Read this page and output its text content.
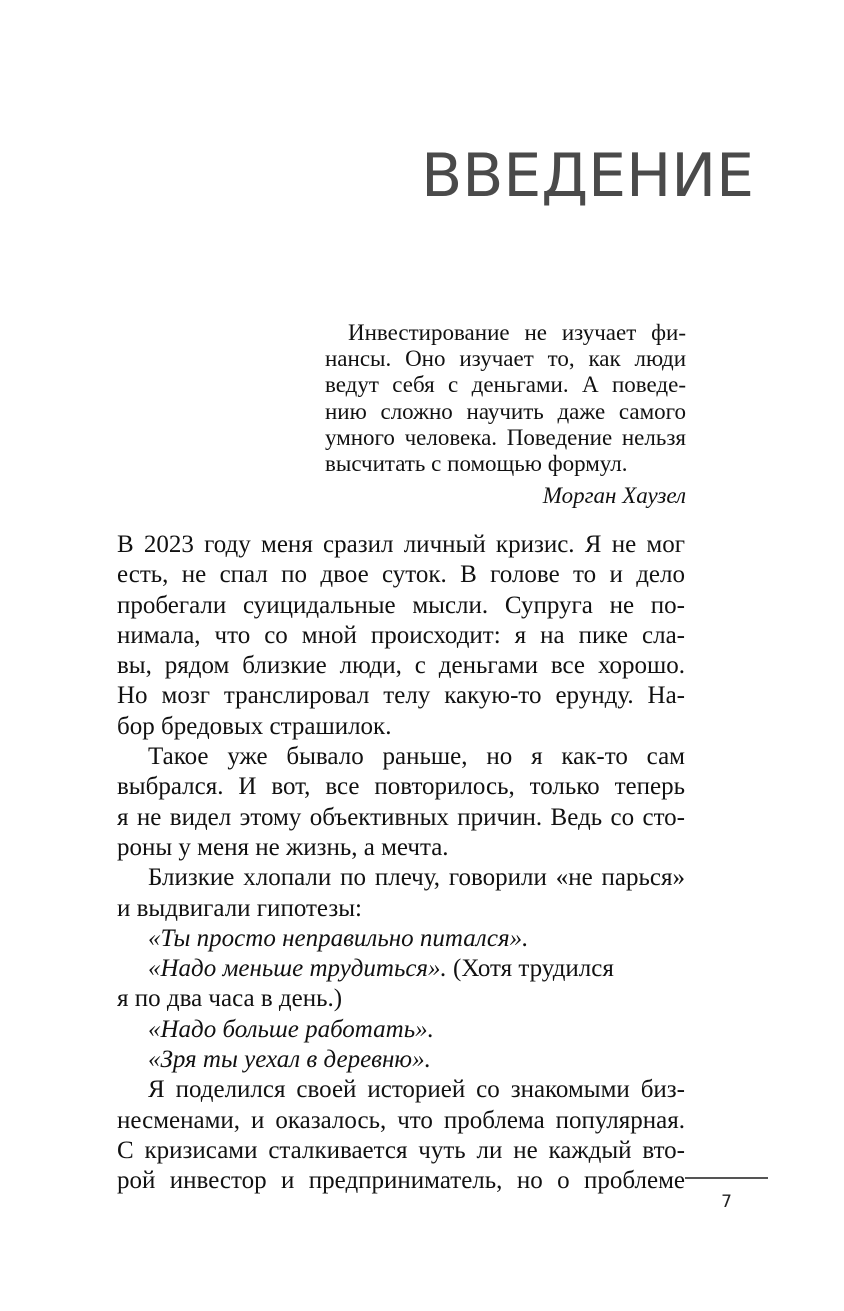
ВВЕДЕНИЕ
Инвестирование не изучает фи-
нансы. Оно изучает то, как люди
ведут себя с деньгами. А поведе-
нию сложно научить даже самого
умного человека. Поведение нельзя
высчитать с помощью формул.
Морган Хаузел
В 2023 году меня сразил личный кризис. Я не мог
есть, не спал по двое суток. В голове то и дело
пробегали суицидальные мысли. Супруга не по-
нимала, что со мной происходит: я на пике сла-
вы, рядом близкие люди, с деньгами все хорошо.
Но мозг транслировал телу какую-то ерунду. На-
бор бредовых страшилок.
Такое уже бывало раньше, но я как-то сам
выбрался. И вот, все повторилось, только теперь
я не видел этому объективных причин. Ведь со сто-
роны у меня не жизнь, а мечта.
Близкие хлопали по плечу, говорили «не парься»
и выдвигали гипотезы:
«Ты просто неправильно питался».
«Надо меньше трудиться». (Хотя трудился
я по два часа в день.)
«Надо больше работать».
«Зря ты уехал в деревню».
Я поделился своей историей со знакомыми биз-
несменами, и оказалось, что проблема популярная.
С кризисами сталкивается чуть ли не каждый вто-
рой инвестор и предприниматель, но о проблеме
7
